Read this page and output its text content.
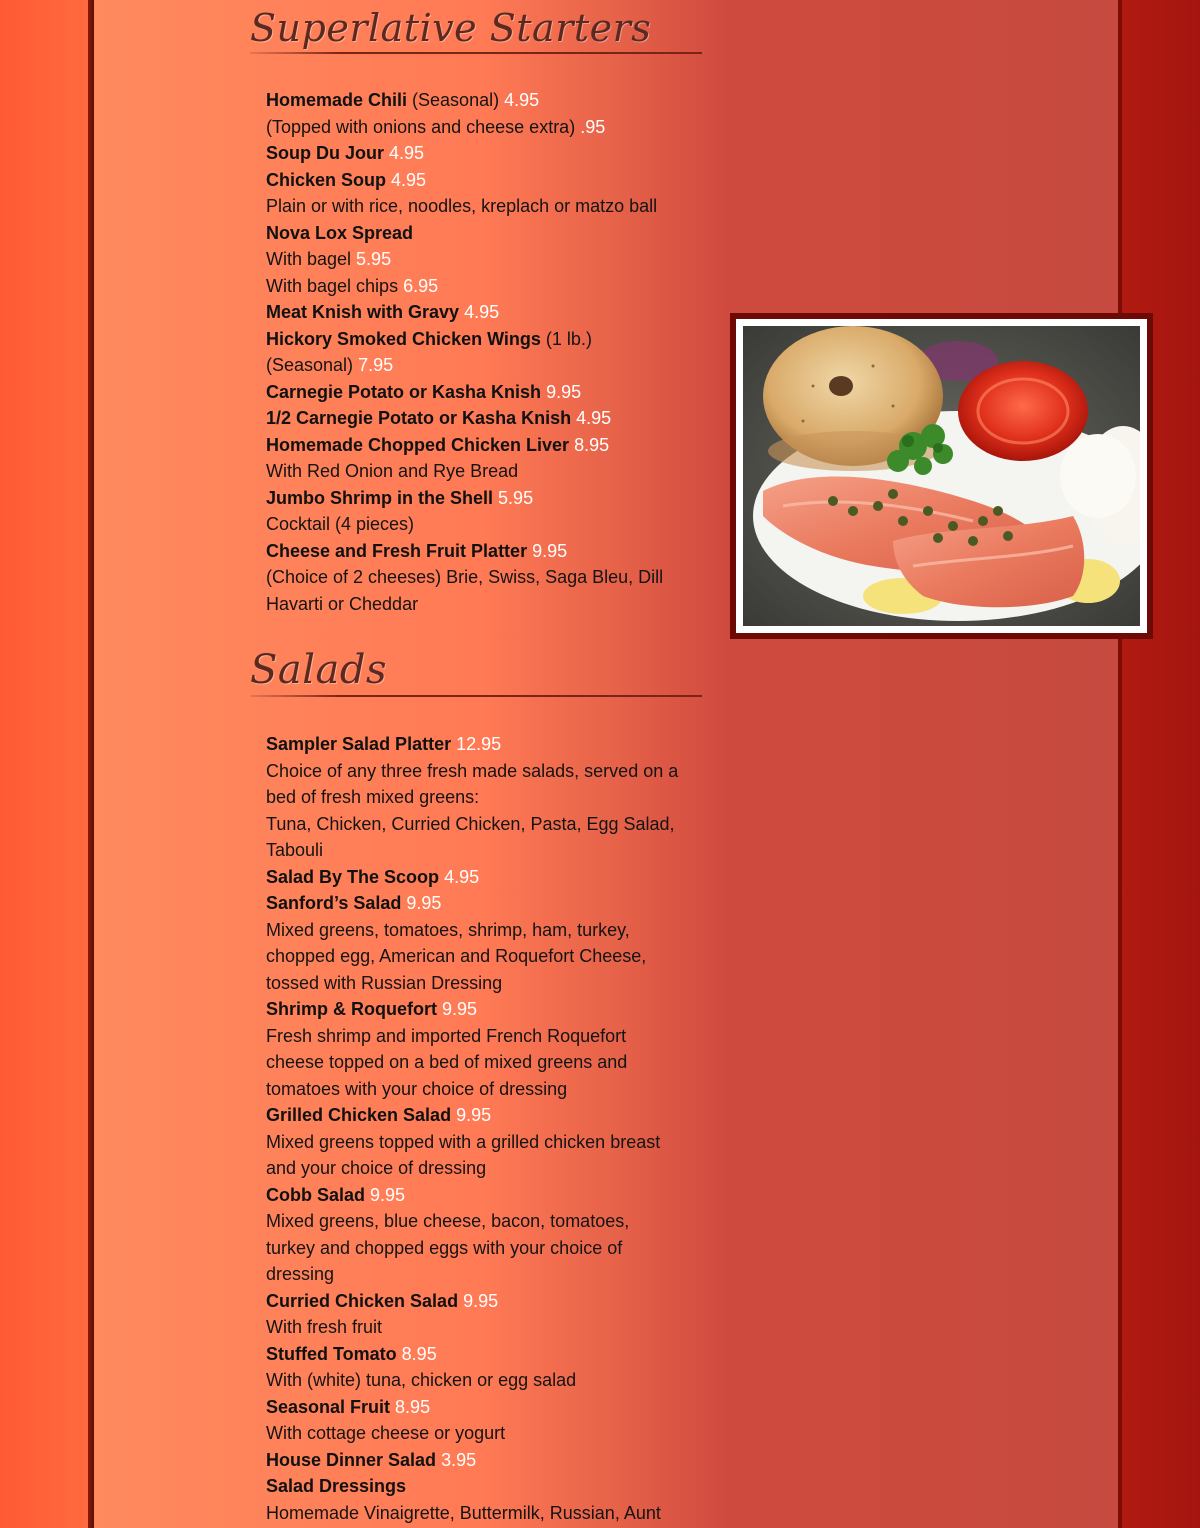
Superlative Starters

Homemade Chili (Seasonal) 4.95

(Topped with onions and cheese extra) .95

Soup Du Jour 4.95

Chicken Soup 4.95

Plain or with rice, noodles, kreplach or matzo ball

Nova Lox Spread

With bagel 5.95

With bagel chips 6.95

Meat Knish with Gravy 4.95

Hickory Smoked Chicken Wings (1 lb.)

(Seasonal) 7.95

Carnegie Potato or Kasha Knish 9.95

1/2 Carnegie Potato or Kasha Knish 4.95

Homemade Chopped Chicken Liver 8.95

With Red Onion and Rye Bread

Jumbo Shrimp in the Shell 5.95

Cocktail (4 pieces)

Cheese and Fresh Fruit Platter 9.95

(Choice of 2 cheeses) Brie, Swiss, Saga Bleu, Dill

Havarti or Cheddar

Salads

Sampler Salad Platter 12.95

Choice of any three fresh made salads, served on a

bed of fresh mixed greens:

Tuna, Chicken, Curried Chicken, Pasta, Egg Salad,

Tabouli

Salad By The Scoop 4.95

Sanford’s Salad 9.95

Mixed greens, tomatoes, shrimp, ham, turkey,

chopped egg, American and Roquefort Cheese,

tossed with Russian Dressing

Shrimp & Roquefort 9.95

Fresh shrimp and imported French Roquefort

cheese topped on a bed of mixed greens and

tomatoes with your choice of dressing

Grilled Chicken Salad 9.95

Mixed greens topped with a grilled chicken breast

and your choice of dressing

Cobb Salad 9.95

Mixed greens, blue cheese, bacon, tomatoes,

turkey and chopped eggs with your choice of

dressing

Curried Chicken Salad 9.95

With fresh fruit

Stuffed Tomato 8.95

With (white) tuna, chicken or egg salad

Seasonal Fruit 8.95

With cottage cheese or yogurt

House Dinner Salad 3.95

Salad Dressings

Homemade Vinaigrette, Buttermilk, Russian, Aunt
